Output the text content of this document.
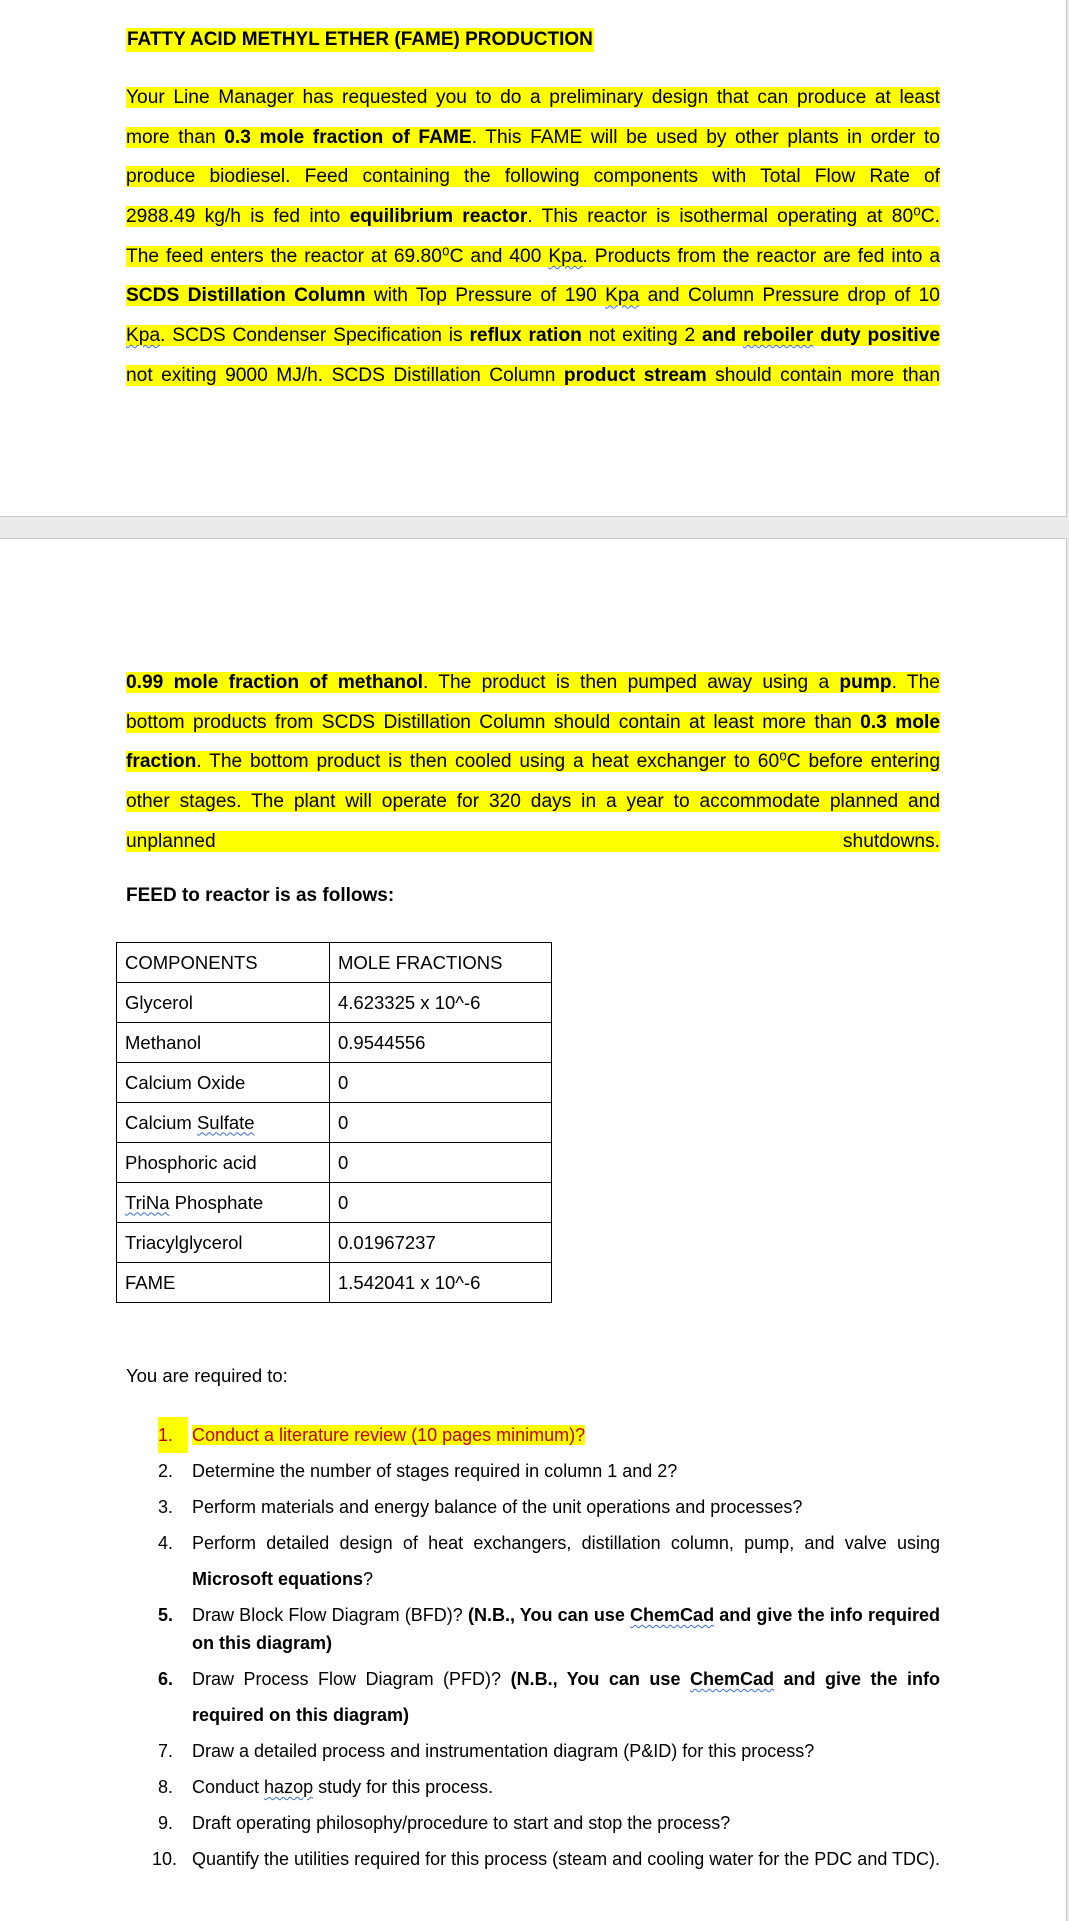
FATTY ACID METHYL ETHER (FAME) PRODUCTION
Your Line Manager has requested you to do a preliminary design that can produce at least
more than 0.3 mole fraction of FAME. This FAME will be used by other plants in order to
produce biodiesel. Feed containing the following components with Total Flow Rate of
2988.49 kg/h is fed into equilibrium reactor. This reactor is isothermal operating at 80⁰C.
The feed enters the reactor at 69.80⁰C and 400 Kpa. Products from the reactor are fed into a
SCDS Distillation Column with Top Pressure of 190 Kpa and Column Pressure drop of 10
Kpa. SCDS Condenser Specification is reflux ration not exiting 2 and reboiler duty positive
not exiting 9000 MJ/h. SCDS Distillation Column product stream should contain more than
0.99 mole fraction of methanol. The product is then pumped away using a pump. The
bottom products from SCDS Distillation Column should contain at least more than 0.3 mole
fraction. The bottom product is then cooled using a heat exchanger to 60⁰C before entering
other stages. The plant will operate for 320 days in a year to accommodate planned and
unplanned shutdowns.
FEED to reactor is as follows:
COMPONENTS	MOLE FRACTIONS
Glycerol	4.623325 x 10^-6
Methanol	0.9544556
Calcium Oxide	0
Calcium Sulfate	0
Phosphoric acid	0
TriNa Phosphate	0
Triacylglycerol	0.01967237
FAME	1.542041 x 10^-6
You are required to:
1.	Conduct a literature review (10 pages minimum)?
2.	Determine the number of stages required in column 1 and 2?
3.	Perform materials and energy balance of the unit operations and processes?
4.	Perform detailed design of heat exchangers, distillation column, pump, and valve using
Microsoft equations?
5.	Draw Block Flow Diagram (BFD)? (N.B., You can use ChemCad and give the info required on this diagram)
6.	Draw Process Flow Diagram (PFD)? (N.B., You can use ChemCad and give the info required on this diagram)
7.	Draw a detailed process and instrumentation diagram (P&ID) for this process?
8.	Conduct hazop study for this process.
9.	Draft operating philosophy/procedure to start and stop the process?
10. Quantify the utilities required for this process (steam and cooling water for the PDC and TDC).
